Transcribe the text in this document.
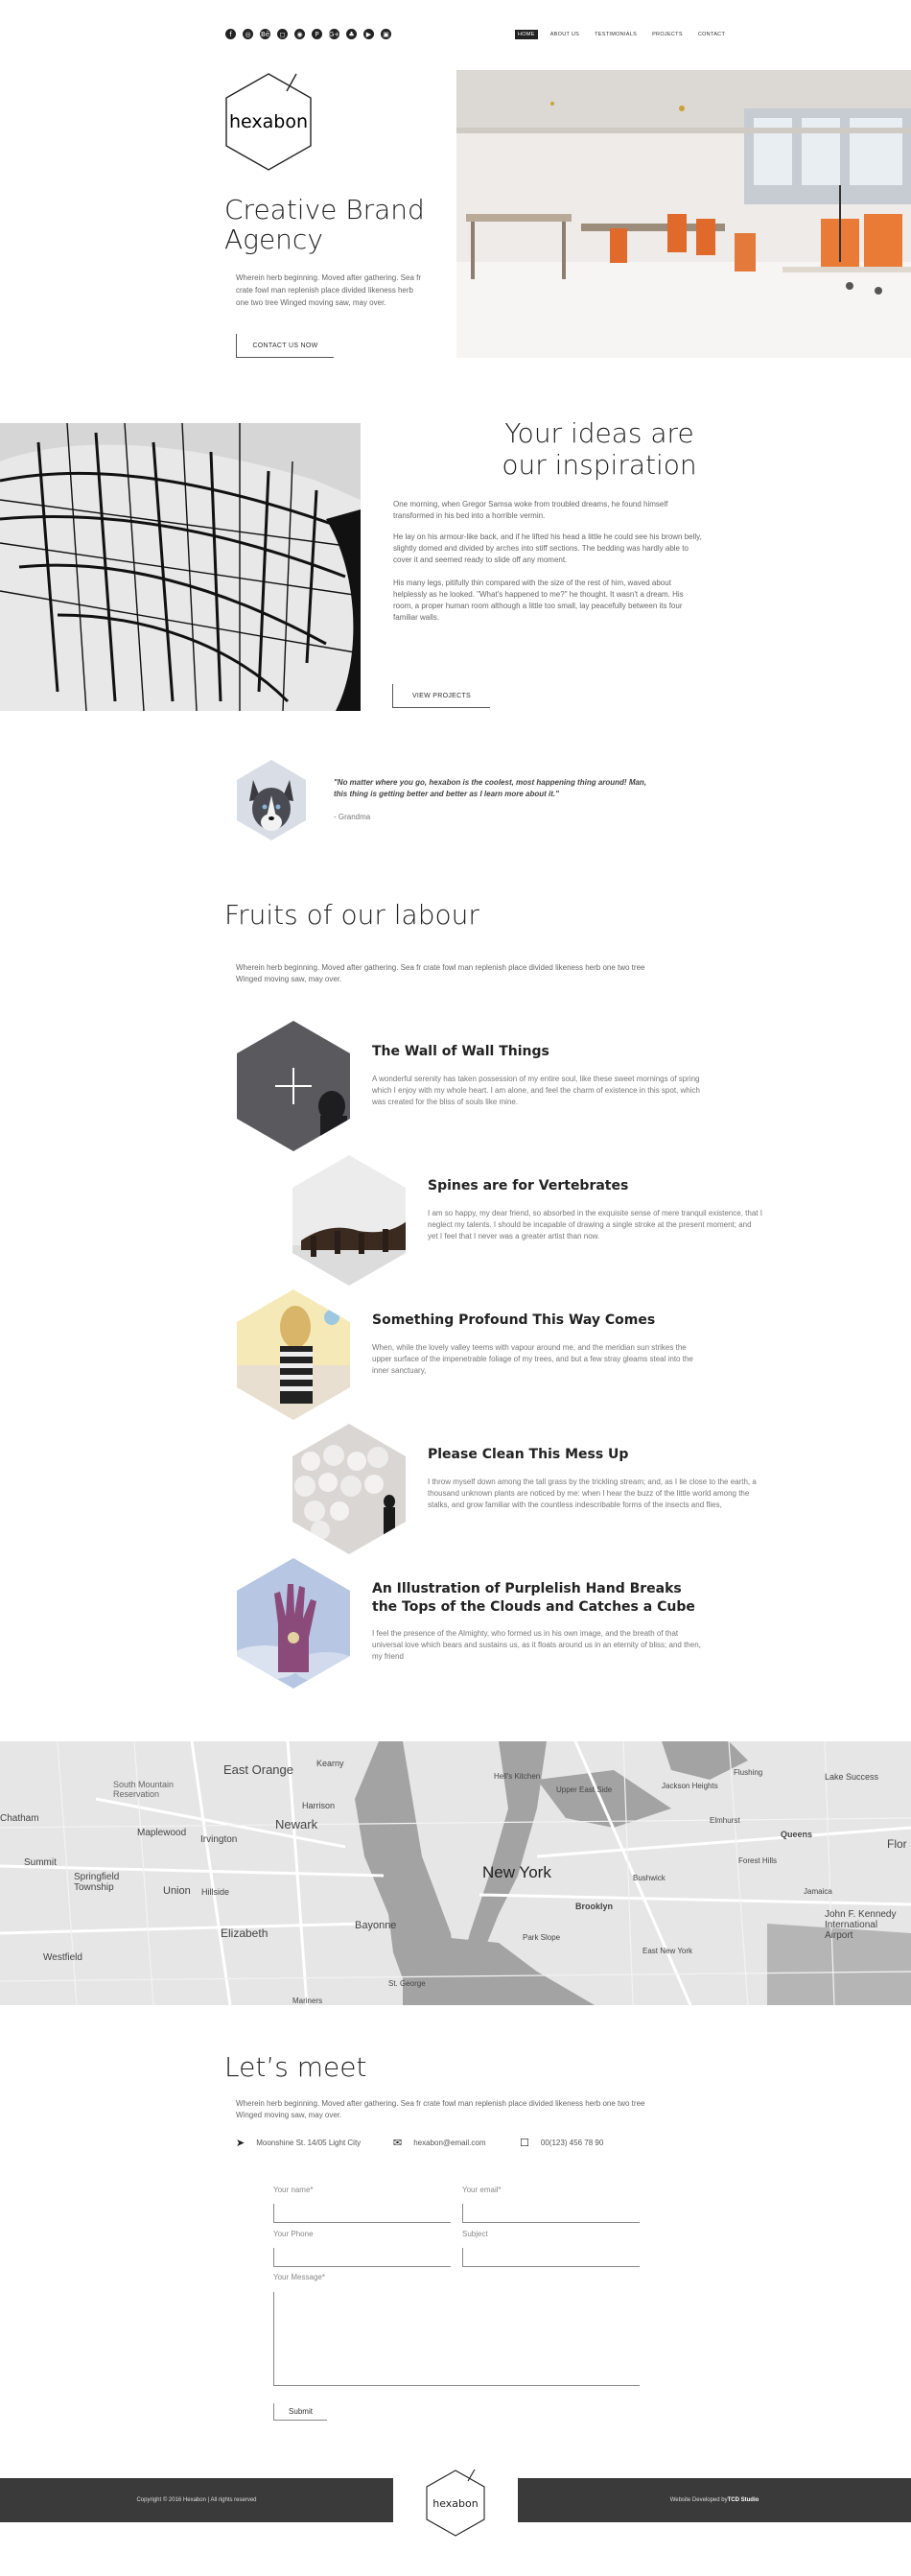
f	◎	Bē	◻	◉	P	G+	♣	▶	▣	HOME	ABOUT US	TESTIMONIALS	PROJECTS	CONTACT
hexabon
Creative Brand
Agency

Wherein herb beginning. Moved after gathering. Sea fr crate fowl man replenish place divided likeness herb one two tree Winged moving saw, may over.

CONTACT US NOW
Your ideas are
our inspiration

One morning, when Gregor Samsa woke from troubled dreams, he found himself transformed in his bed into a horrible vermin.

He lay on his armour-like back, and if he lifted his head a little he could see his brown belly, slightly domed and divided by arches into stiff sections. The bedding was hardly able to cover it and seemed ready to slide off any moment.

His many legs, pitifully thin compared with the size of the rest of him, waved about helplessly as he looked. "What's happened to me?" he thought. It wasn't a dream. His room, a proper human room although a little too small, lay peacefully between its four familiar walls.

VIEW PROJECTS

"No matter where you go, hexabon is the coolest, most happening thing around! Man, this thing is getting better and better as I learn more about it."

- Grandma

Fruits of our labour

Wherein herb beginning. Moved after gathering. Sea fr crate fowl man replenish place divided likeness herb one two tree Winged moving saw, may over.

The Wall of Wall Things

A wonderful serenity has taken possession of my entire soul, like these sweet mornings of spring which I enjoy with my whole heart. I am alone, and feel the charm of existence in this spot, which was created for the bliss of souls like mine.

Spines are for Vertebrates

I am so happy, my dear friend, so absorbed in the exquisite sense of mere tranquil existence, that I neglect my talents. I should be incapable of drawing a single stroke at the present moment; and yet I feel that I never was a greater artist than now.

Something Profound This Way Comes

When, while the lovely valley teems with vapour around me, and the meridian sun strikes the upper surface of the impenetrable foliage of my trees, and but a few stray gleams steal into the inner sanctuary,

Please Clean This Mess Up

I throw myself down among the tall grass by the trickling stream; and, as I lie close to the earth, a thousand unknown plants are noticed by me: when I hear the buzz of the little world among the stalks, and grow familiar with the countless indescribable forms of the insects and flies,

An Illustration of Purplelish Hand Breaks the Tops of the Clouds and Catches a Cube

I feel the presence of the Almighty, who formed us in his own image, and the breath of that universal love which bears and sustains us, as it floats around us in an eternity of bliss; and then, my friend

East Orange	Kearny
South Mountain Reservation
Maplewood
Harrison
Newark
Irvington
Summit
Springfield Township	Union Hillside
Elizabeth
Bayonne
Westfield
New York
Brooklyn
Queens
Bushwick
Jamaica
John F. Kennedy International Airport
East New York
Park Slope
Elmhurst
Jackson Heights
Forest Hills
Lake Success
Hell's Kitchen
Upper East Side
Flushing
St. George
Mariners
Chatham
Flor
Let’s meet

Wherein herb beginning. Moved after gathering. Sea fr crate fowl man replenish place divided likeness herb one two tree Winged moving saw, may over.

➤ Moonshine St. 14/05 Light City	✉ hexabon@email.com	☐ 00(123) 456 78 90
Your name*	Your email*
Your Phone	Subject
Your Message*
Submit
Copyright © 2016 Hexabon | All rights reserved	Website Developed by TCD Studio
hexabon
